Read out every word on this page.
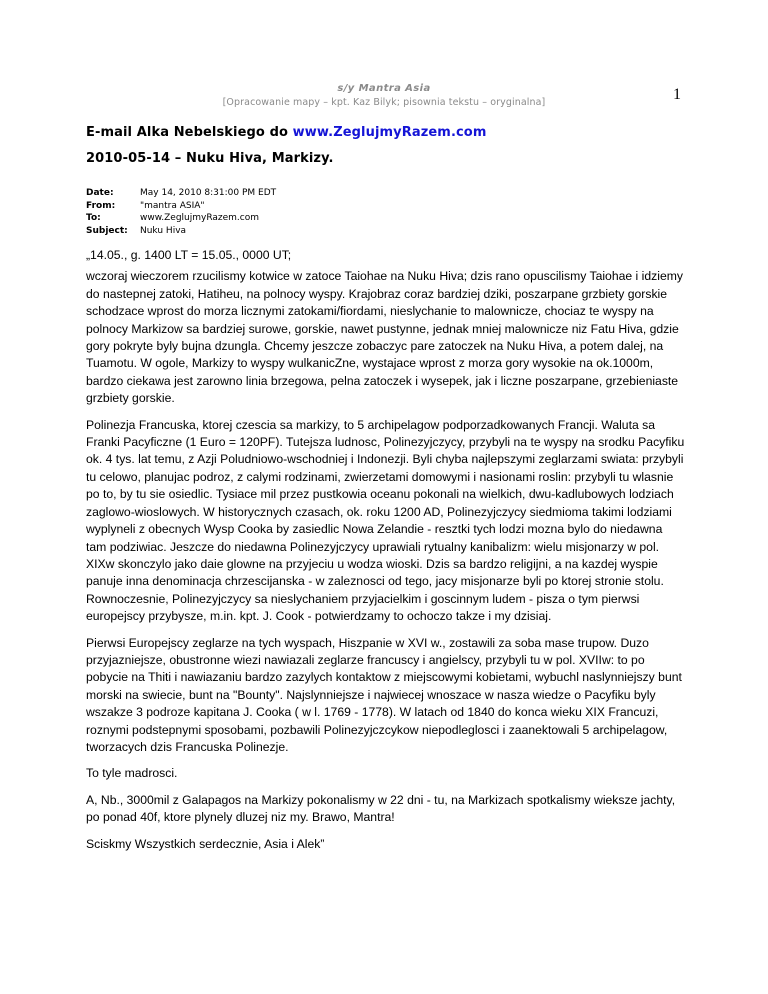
s/y Mantra Asia
[Opracowanie mapy – kpt. Kaz Bilyk; pisownia tekstu – oryginalna]	1
E-mail Alka Nebelskiego do www.ZeglujmyRazem.com
2010-05-14 – Nuku Hiva, Markizy.
Date:	May 14, 2010 8:31:00 PM EDT
From:	"mantra ASIA"
To:	www.ZeglujmyRazem.com
Subject:	Nuku Hiva

„14.05., g. 1400 LT = 15.05., 0000 UT;

wczoraj wieczorem rzucilismy kotwice w zatoce Taiohae na Nuku Hiva; dzis rano opuscilismy Taiohae i idziemy do nastepnej zatoki, Hatiheu, na polnocy wyspy. Krajobraz coraz bardziej dziki, poszarpane grzbiety gorskie schodzace wprost do morza licznymi zatokami/fiordami, nieslychanie to malownicze, chociaz te wyspy na polnocy Markizow sa bardziej surowe, gorskie, nawet pustynne, jednak mniej malownicze niz Fatu Hiva, gdzie gory pokryte byly bujna dzungla. Chcemy jeszcze zobaczyc pare zatoczek na Nuku Hiva, a potem dalej, na Tuamotu. W ogole, Markizy to wyspy wulkanicZne, wystajace wprost z morza gory wysokie na ok.1000m, bardzo ciekawa jest zarowno linia brzegowa, pelna zatoczek i wysepek, jak i liczne poszarpane, grzebieniaste grzbiety gorskie.

Polinezja Francuska, ktorej czescia sa markizy, to 5 archipelagow podporzadkowanych Francji. Waluta sa Franki Pacyficzne (1 Euro = 120PF). Tutejsza ludnosc, Polinezyjczycy, przybyli na te wyspy na srodku Pacyfiku ok. 4 tys. lat temu, z Azji Poludniowo-wschodniej i Indonezji. Byli chyba najlepszymi zeglarzami swiata: przybyli tu celowo, planujac podroz, z calymi rodzinami, zwierzetami domowymi i nasionami roslin: przybyli tu wlasnie po to, by tu sie osiedlic. Tysiace mil przez pustkowia oceanu pokonali na wielkich, dwu-kadlubowych lodziach zaglowo-wioslowych. W historycznych czasach, ok. roku 1200 AD, Polinezyjczycy siedmioma takimi lodziami wyplyneli z obecnych Wysp Cooka by zasiedlic Nowa Zelandie - resztki tych lodzi mozna bylo do niedawna tam podziwiac. Jeszcze do niedawna Polinezyjczycy uprawiali rytualny kanibalizm: wielu misjonarzy w pol. XIXw skonczylo jako daie glowne na przyjeciu u wodza wioski. Dzis sa bardzo religijni, a na kazdej wyspie panuje inna denominacja chrzescijanska - w zaleznosci od tego, jacy misjonarze byli po ktorej stronie stolu. Rownoczesnie, Polinezyjczycy sa nieslychaniem przyjacielkim i goscinnym ludem - pisza o tym pierwsi europejscy przybysze, m.in. kpt. J. Cook - potwierdzamy to ochoczo takze i my dzisiaj.

Pierwsi Europejscy zeglarze na tych wyspach, Hiszpanie w XVI w., zostawili za soba mase trupow. Duzo przyjazniejsze, obustronne wiezi nawiazali zeglarze francuscy i angielscy, przybyli tu w pol. XVIIw: to po pobycie na Thiti i nawiazaniu bardzo zazylych kontaktow z miejscowymi kobietami, wybuchl naslynniejszy bunt morski na swiecie, bunt na "Bounty". Najslynniejsze i najwiecej wnoszace w nasza wiedze o Pacyfiku byly wszakze 3 podroze kapitana J. Cooka ( w l. 1769 - 1778). W latach od 1840 do konca wieku XIX Francuzi, roznymi podstepnymi sposobami, pozbawili Polinezyjczcykow niepodleglosci i zaanektowali 5 archipelagow, tworzacych dzis Francuska Polinezje.

To tyle madrosci.

A, Nb., 3000mil z Galapagos na Markizy pokonalismy w 22 dni - tu, na Markizach spotkalismy wieksze jachty, po ponad 40f, ktore plynely dluzej niz my. Brawo, Mantra!

Sciskmy Wszystkich serdecznie, Asia i Alek”
